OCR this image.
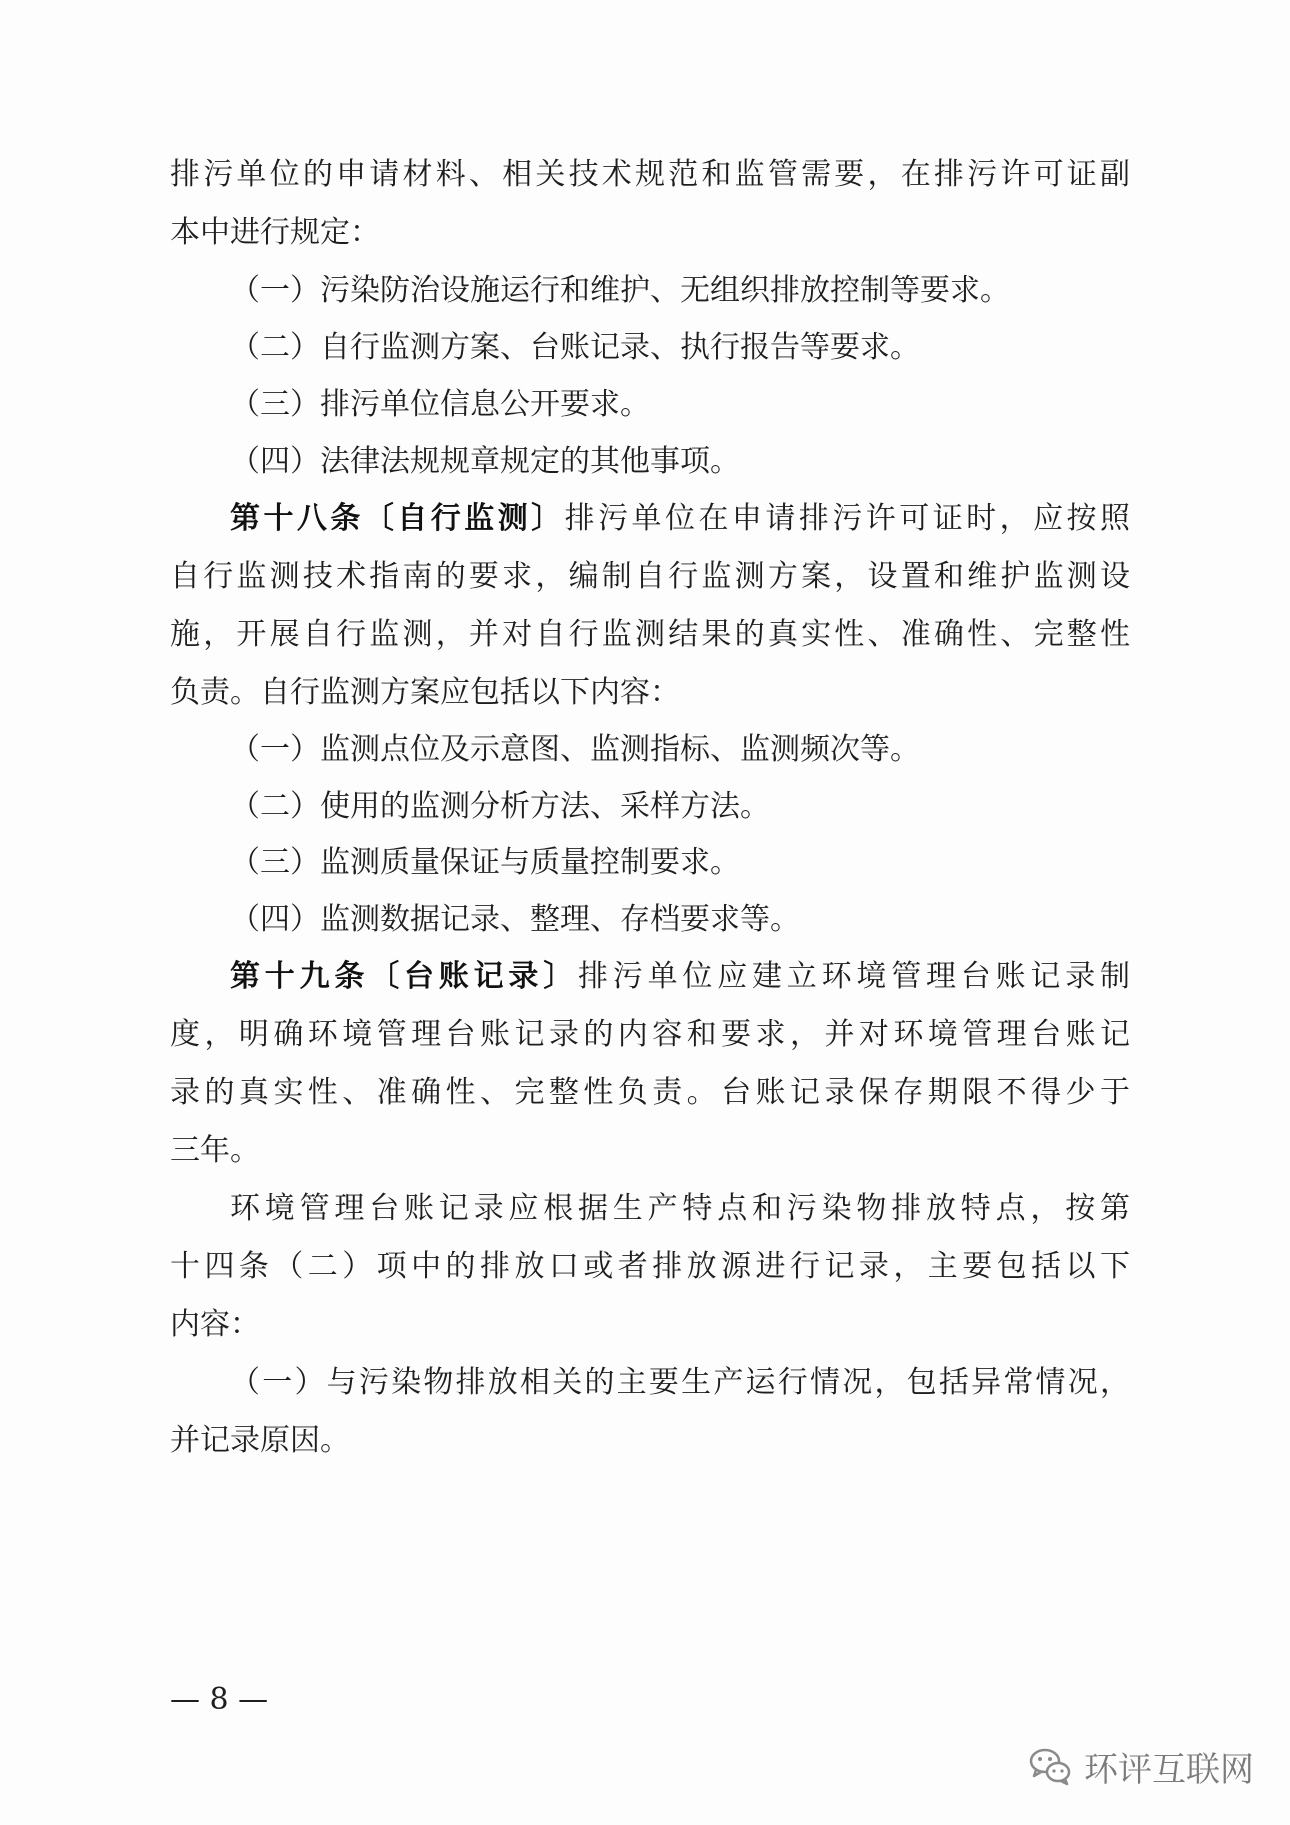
排污单位的申请材料、相关技术规范和监管需要，在排污许可证副
本中进行规定：
（一）污染防治设施运行和维护、无组织排放控制等要求。
（二）自行监测方案、台账记录、执行报告等要求。
（三）排污单位信息公开要求。
（四）法律法规规章规定的其他事项。
第十八条〔自行监测〕排污单位在申请排污许可证时，应按照
自行监测技术指南的要求，编制自行监测方案，设置和维护监测设
施，开展自行监测，并对自行监测结果的真实性、准确性、完整性
负责。自行监测方案应包括以下内容：
（一）监测点位及示意图、监测指标、监测频次等。
（二）使用的监测分析方法、采样方法。
（三）监测质量保证与质量控制要求。
（四）监测数据记录、整理、存档要求等。
第十九条〔台账记录〕排污单位应建立环境管理台账记录制
度，明确环境管理台账记录的内容和要求，并对环境管理台账记
录的真实性、准确性、完整性负责。台账记录保存期限不得少于
三年。
环境管理台账记录应根据生产特点和污染物排放特点，按第
十四条（二）项中的排放口或者排放源进行记录，主要包括以下
内容：
（一）与污染物排放相关的主要生产运行情况，包括异常情况，
并记录原因。
— 8 —
环评互联网
